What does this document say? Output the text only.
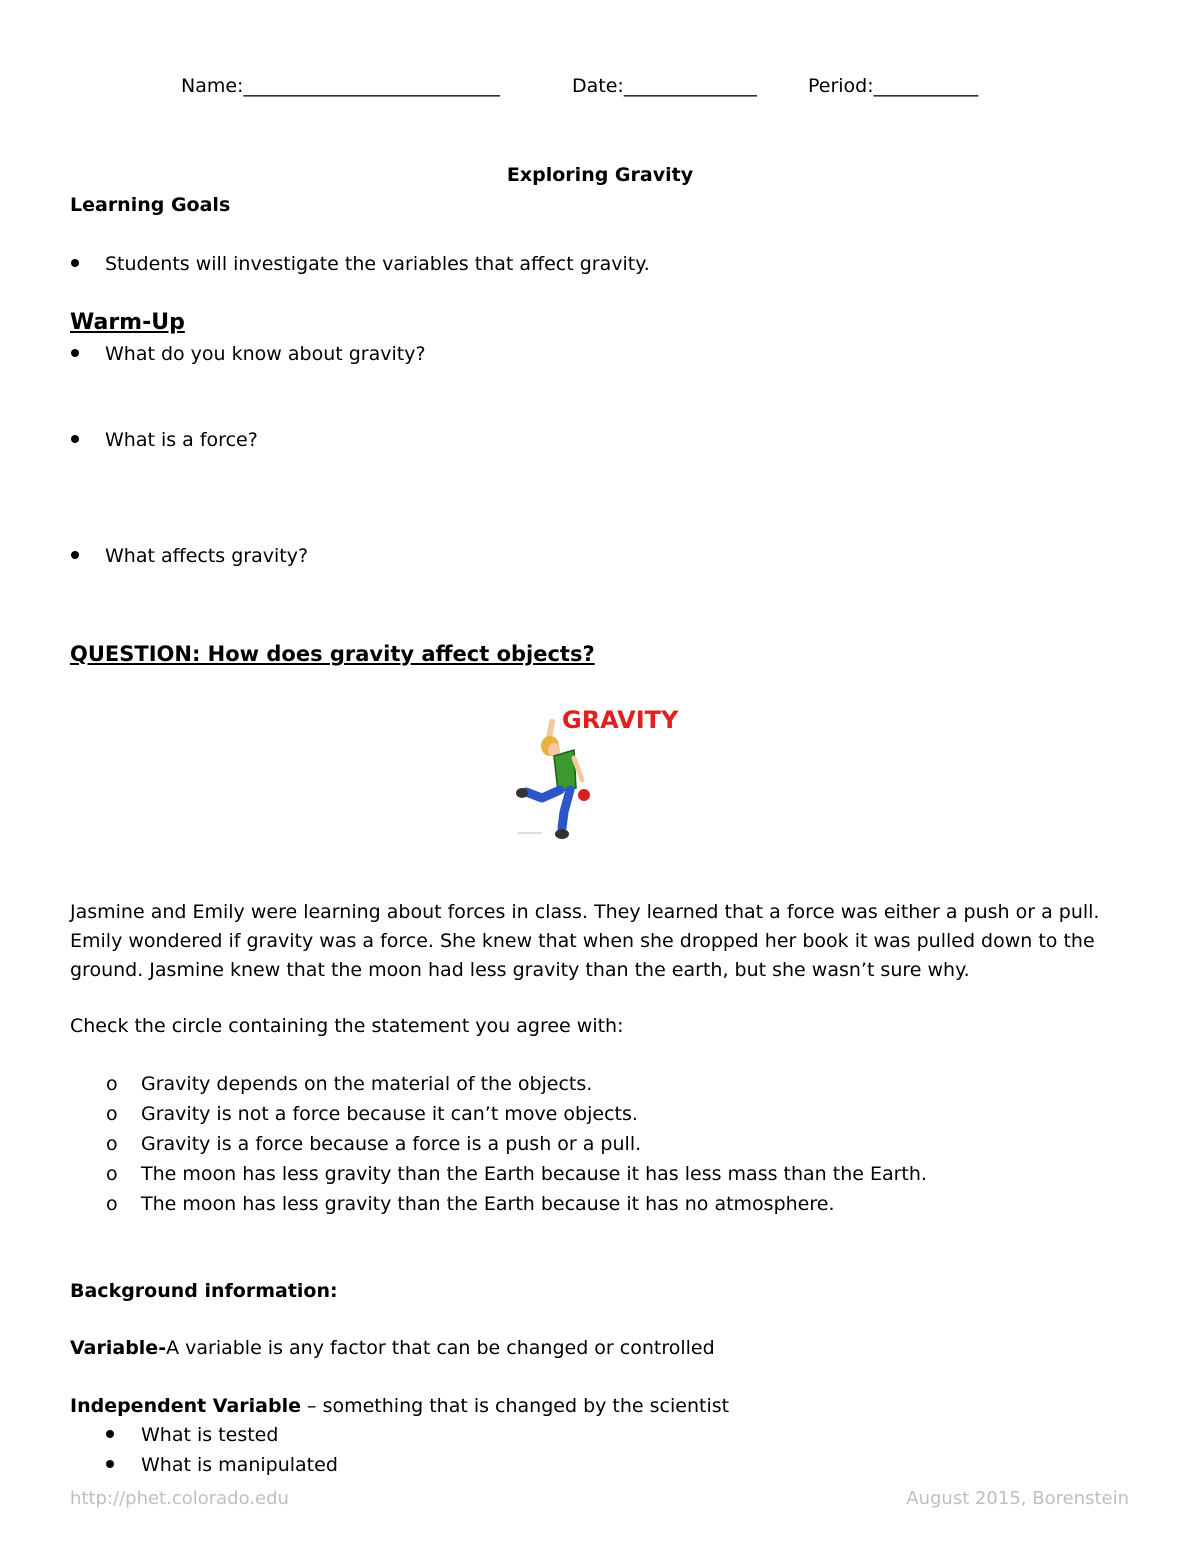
Name:___________________________	Date:______________	Period:___________
Exploring Gravity
Learning Goals
Students will investigate the variables that affect gravity.
Warm-Up
What do you know about gravity?
What is a force?
What affects gravity?
QUESTION: How does gravity affect objects?
GRAVITY
Jasmine and Emily were learning about forces in class. They learned that a force was either a push or a pull.
Emily wondered if gravity was a force. She knew that when she dropped her book it was pulled down to the
ground. Jasmine knew that the moon had less gravity than the earth, but she wasn’t sure why.
Check the circle containing the statement you agree with:
o Gravity depends on the material of the objects.
o Gravity is not a force because it can’t move objects.
o Gravity is a force because a force is a push or a pull.
o The moon has less gravity than the Earth because it has less mass than the Earth.
o The moon has less gravity than the Earth because it has no atmosphere.
Background information:
Variable-A variable is any factor that can be changed or controlled
Independent Variable – something that is changed by the scientist
What is tested
What is manipulated
http://phet.colorado.edu	August 2015, Borenstein
